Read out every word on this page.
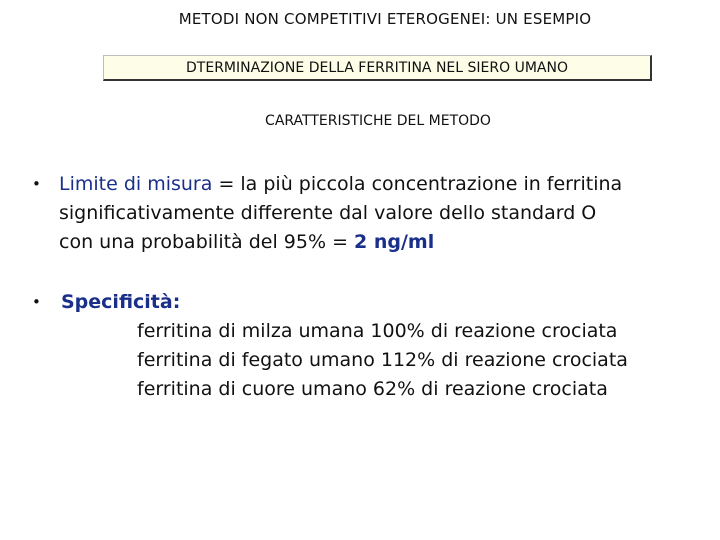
METODI NON COMPETITIVI ETEROGENEI: UN ESEMPIO
DTERMINAZIONE DELLA FERRITINA NEL SIERO UMANO
CARATTERISTICHE DEL METODO
• Limite di misura = la più piccola concentrazione in ferritina
significativamente differente dal valore dello standard O
con una probabilità del 95% = 2 ng/ml
•	Specificità:
ferritina di milza umana 100% di reazione crociata
ferritina di fegato umano 112% di reazione crociata
ferritina di cuore umano 62% di reazione crociata
